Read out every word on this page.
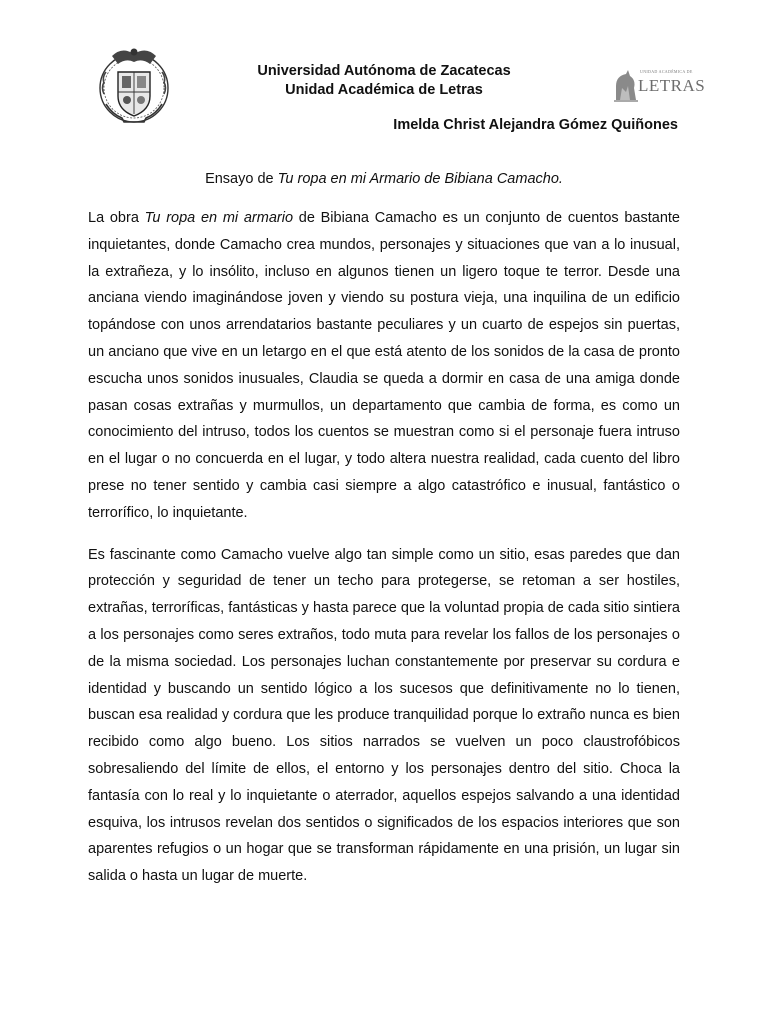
UNIDAD ACADÉMICA DE
LETRAS
Universidad Autónoma de Zacatecas
Unidad Académica de Letras
Imelda Christ Alejandra Gómez Quiñones
Ensayo de Tu ropa en mi Armario de Bibiana Camacho.

La obra Tu ropa en mi armario de Bibiana Camacho es un conjunto de cuentos bastante inquietantes, donde Camacho crea mundos, personajes y situaciones que van a lo inusual, la extrañeza, y lo insólito, incluso en algunos tienen un ligero toque te terror. Desde una anciana viendo imaginándose joven y viendo su postura vieja, una inquilina de un edificio topándose con unos arrendatarios bastante peculiares y un cuarto de espejos sin puertas, un anciano que vive en un letargo en el que está atento de los sonidos de la casa de pronto escucha unos sonidos inusuales, Claudia se queda a dormir en casa de una amiga donde pasan cosas extrañas y murmullos, un departamento que cambia de forma, es como un conocimiento del intruso, todos los cuentos se muestran como si el personaje fuera intruso en el lugar o no concuerda en el lugar, y todo altera nuestra realidad, cada cuento del libro prese no tener sentido y cambia casi siempre a algo catastrófico e inusual, fantástico o terrorífico, lo inquietante.

Es fascinante como Camacho vuelve algo tan simple como un sitio, esas paredes que dan protección y seguridad de tener un techo para protegerse, se retoman a ser hostiles, extrañas, terroríficas, fantásticas y hasta parece que la voluntad propia de cada sitio sintiera a los personajes como seres extraños, todo muta para revelar los fallos de los personajes o de la misma sociedad. Los personajes luchan constantemente por preservar su cordura e identidad y buscando un sentido lógico a los sucesos que definitivamente no lo tienen, buscan esa realidad y cordura que les produce tranquilidad porque lo extraño nunca es bien recibido como algo bueno. Los sitios narrados se vuelven un poco claustrofóbicos sobresaliendo del límite de ellos, el entorno y los personajes dentro del sitio. Choca la fantasía con lo real y lo inquietante o aterrador, aquellos espejos salvando a una identidad esquiva, los intrusos revelan dos sentidos o significados de los espacios interiores que son aparentes refugios o un hogar que se transforman rápidamente en una prisión, un lugar sin salida o hasta un lugar de muerte.
